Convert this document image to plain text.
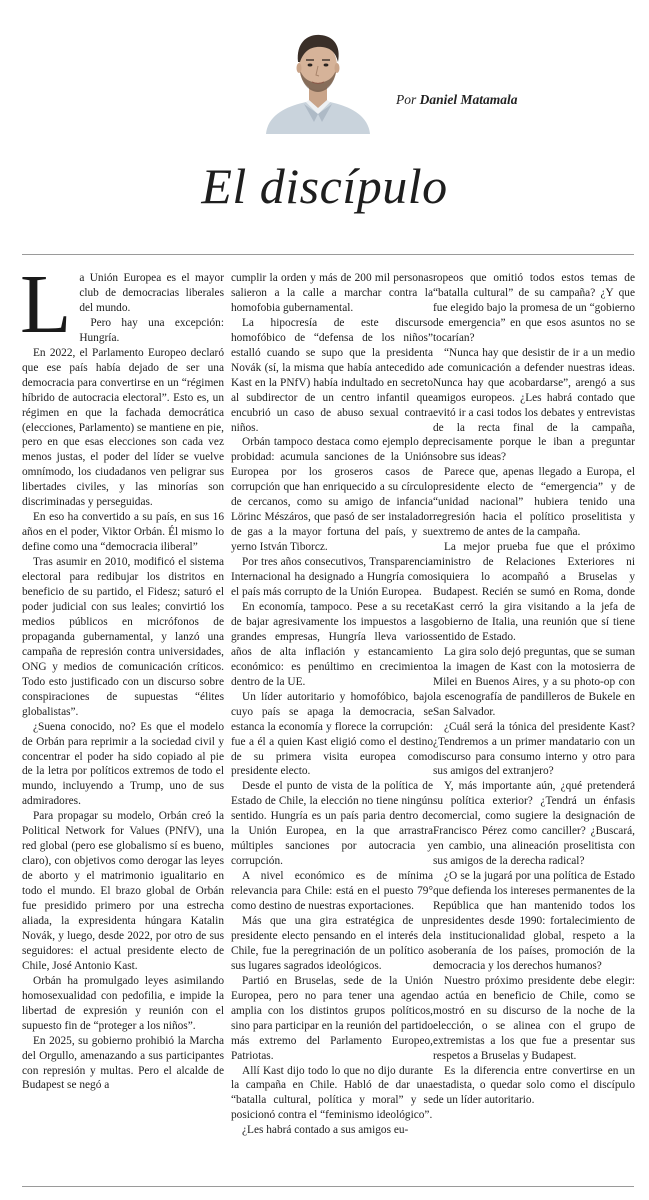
Por Daniel Matamala
El discípulo

La Unión Europea es el mayor club de democracias liberales del mundo.

Pero hay una excepción: Hungría.

En 2022, el Parlamento Europeo declaró que ese país había dejado de ser una democracia para convertirse en un “régimen híbrido de autocracia electoral”. Esto es, un régimen en que la fachada democrática (elecciones, Parlamento) se mantiene en pie, pero en que esas elecciones son cada vez menos justas, el poder del líder se vuelve omnímodo, los ciudadanos ven peligrar sus libertades civiles, y las minorías son discriminadas y perseguidas.

En eso ha convertido a su país, en sus 16 años en el poder, Viktor Orbán. Él mismo lo define como una “democracia iliberal”

Tras asumir en 2010, modificó el sistema electoral para redibujar los distritos en beneficio de su partido, el Fidesz; saturó el poder judicial con sus leales; convirtió los medios públicos en micrófonos de propaganda gubernamental, y lanzó una campaña de represión contra universidades, ONG y medios de comunicación críticos. Todo esto justificado con un discurso sobre conspiraciones de supuestas “élites globalistas”.

¿Suena conocido, no? Es que el modelo de Orbán para reprimir a la sociedad civil y concentrar el poder ha sido copiado al pie de la letra por políticos extremos de todo el mundo, incluyendo a Trump, uno de sus admiradores.

Para propagar su modelo, Orbán creó la Political Network for Values (PNfV), una red global (pero ese globalismo sí es bueno, claro), con objetivos como derogar las leyes de aborto y el matrimonio igualitario en todo el mundo. El brazo global de Orbán fue presidido primero por una estrecha aliada, la expresidenta húngara Katalin Novák, y luego, desde 2022, por otro de sus seguidores: el actual presidente electo de Chile, José Antonio Kast.

Orbán ha promulgado leyes asimilando homosexualidad con pedofilia, e impide la libertad de expresión y reunión con el supuesto fin de “proteger a los niños”.

En 2025, su gobierno prohibió la Marcha del Orgullo, amenazando a sus participantes con represión y multas. Pero el alcalde de Budapest se negó a

cumplir la orden y más de 200 mil personas salieron a la calle a marchar contra la homofobia gubernamental.

La hipocresía de este discurso homofóbico de “defensa de los niños” estalló cuando se supo que la presidenta Novák (sí, la misma que había antecedido a Kast en la PNfV) había indultado en secreto al subdirector de un centro infantil que encubrió un caso de abuso sexual contra niños.

Orbán tampoco destaca como ejemplo de probidad: acumula sanciones de la Unión Europea por los groseros casos de corrupción que han enriquecido a su círculo de cercanos, como su amigo de infancia Lörinc Mészáros, que pasó de ser instalador de gas a la mayor fortuna del país, y su yerno István Tiborcz.

Por tres años consecutivos, Transparencia Internacional ha designado a Hungría como el país más corrupto de la Unión Europea.

En economía, tampoco. Pese a su receta de bajar agresivamente los impuestos a las grandes empresas, Hungría lleva varios años de alta inflación y estancamiento económico: es penúltimo en crecimiento dentro de la UE.

Un líder autoritario y homofóbico, bajo cuyo país se apaga la democracia, se estanca la economía y florece la corrupción: fue a él a quien Kast eligió como el destino de su primera visita europea como presidente electo.

Desde el punto de vista de la política de Estado de Chile, la elección no tiene ningún sentido. Hungría es un país paria dentro de la Unión Europea, en la que arrastra múltiples sanciones por autocracia y corrupción.

A nivel económico es de mínima relevancia para Chile: está en el puesto 79° como destino de nuestras exportaciones.

Más que una gira estratégica de un presidente electo pensando en el interés de Chile, fue la peregrinación de un político a sus lugares sagrados ideológicos.

Partió en Bruselas, sede de la Unión Europea, pero no para tener una agenda amplia con los distintos grupos políticos, sino para participar en la reunión del partido más extremo del Parlamento Europeo, Patriotas.

Allí Kast dijo todo lo que no dijo durante la campaña en Chile. Habló de dar una “batalla cultural, política y moral” y se posicionó contra el “feminismo ideológico”.

¿Les habrá contado a sus amigos eu-

ropeos que omitió todos estos temas de “batalla cultural” de su campaña? ¿Y que fue elegido bajo la promesa de un “gobierno de emergencia” en que esos asuntos no se tocarían?

“Nunca hay que desistir de ir a un medio de comunicación a defender nuestras ideas. Nunca hay que acobardarse”, arengó a sus amigos europeos. ¿Les habrá contado que evitó ir a casi todos los debates y entrevistas de la recta final de la campaña, precisamente porque le iban a preguntar sobre sus ideas?

Parece que, apenas llegado a Europa, el presidente electo de “emergencia” y de “unidad nacional” hubiera tenido una regresión hacia el político proselitista y extremo de antes de la campaña.

La mejor prueba fue que el próximo ministro de Relaciones Exteriores ni siquiera lo acompañó a Bruselas y Budapest. Recién se sumó en Roma, donde Kast cerró la gira visitando a la jefa de gobierno de Italia, una reunión que sí tiene sentido de Estado.

La gira solo dejó preguntas, que se suman a la imagen de Kast con la motosierra de Milei en Buenos Aires, y a su photo-op con la escenografía de pandilleros de Bukele en San Salvador.

¿Cuál será la tónica del presidente Kast? ¿Tendremos a un primer mandatario con un discurso para consumo interno y otro para sus amigos del extranjero?

Y, más importante aún, ¿qué pretenderá su política exterior? ¿Tendrá un énfasis comercial, como sugiere la designación de Francisco Pérez como canciller? ¿Buscará, en cambio, una alineación proselitista con sus amigos de la derecha radical?

¿O se la jugará por una política de Estado que defienda los intereses permanentes de la República que han mantenido todos los presidentes desde 1990: fortalecimiento de la institucionalidad global, respeto a la soberanía de los países, promoción de la democracia y los derechos humanos?

Nuestro próximo presidente debe elegir: o actúa en beneficio de Chile, como se mostró en su discurso de la noche de la elección, o se alinea con el grupo de extremistas a los que fue a presentar sus respetos a Bruselas y Budapest.

Es la diferencia entre convertirse en un estadista, o quedar solo como el discípulo de un líder autoritario.
